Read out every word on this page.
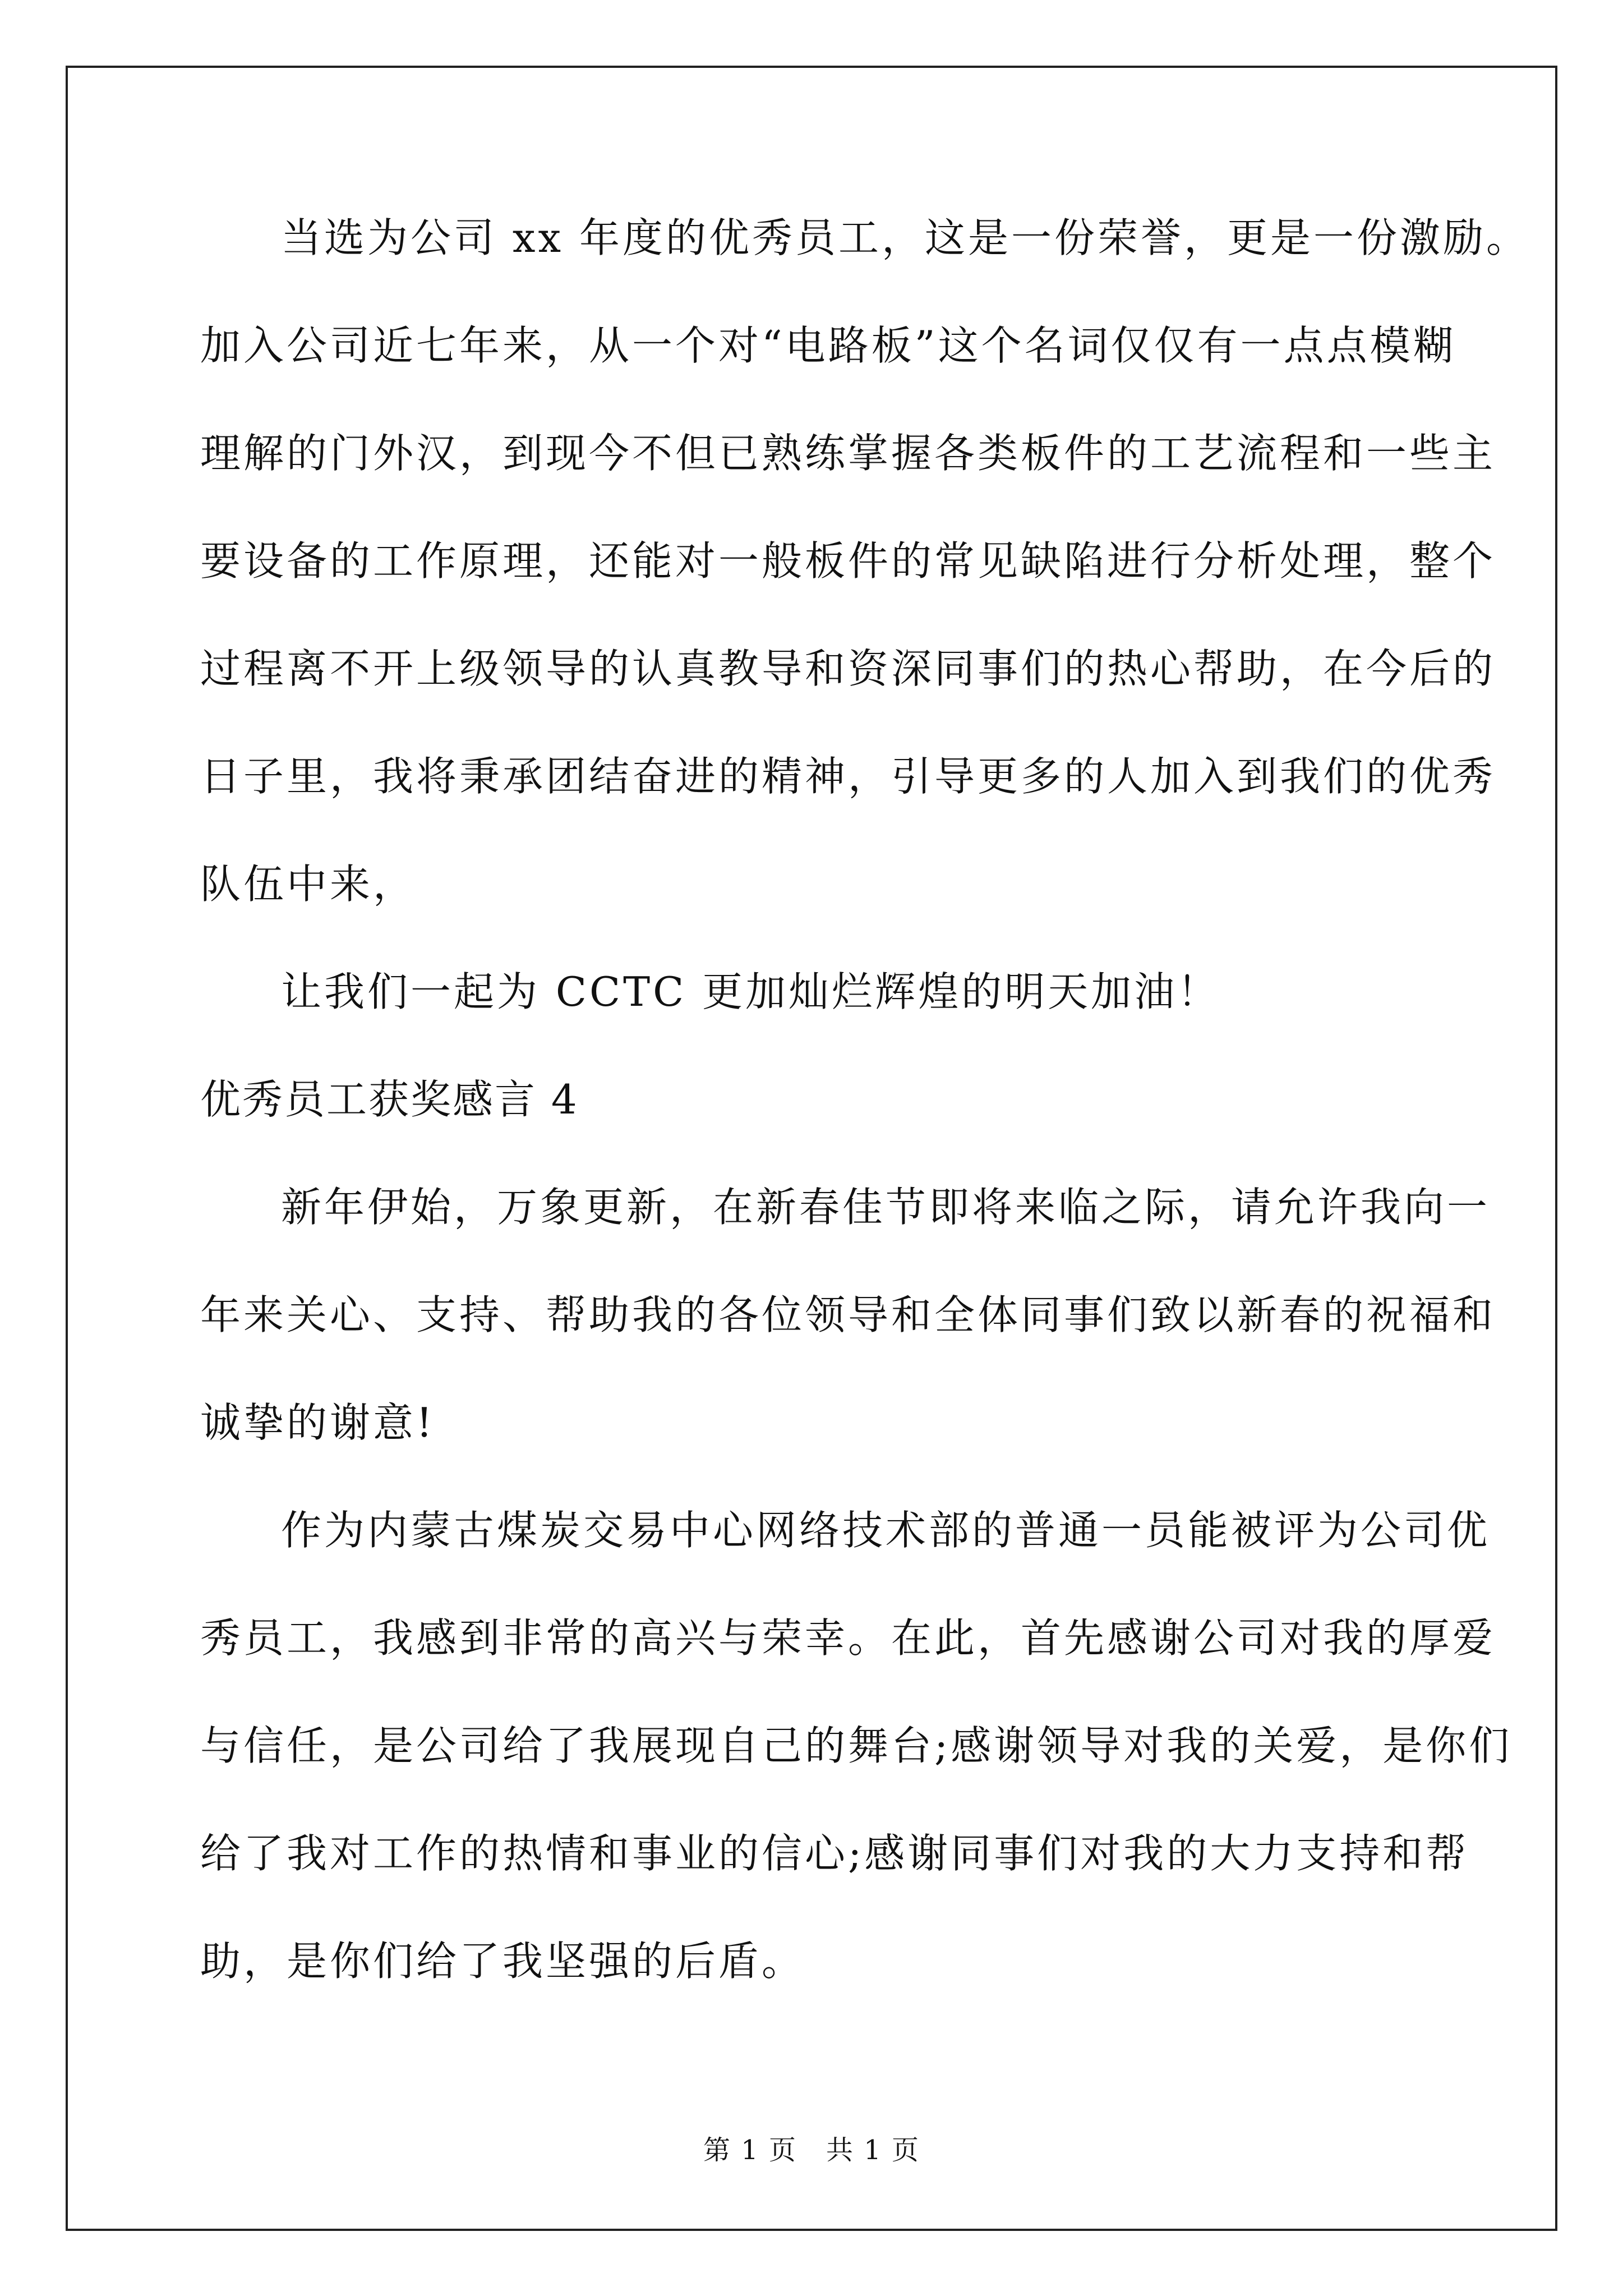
当选为公司 xx 年度的优秀员工，这是一份荣誉，更是一份激励。
加入公司近七年来，从一个对“电路板”这个名词仅仅有一点点模糊
理解的门外汉，到现今不但已熟练掌握各类板件的工艺流程和一些主
要设备的工作原理，还能对一般板件的常见缺陷进行分析处理，整个
过程离不开上级领导的认真教导和资深同事们的热心帮助，在今后的
日子里，我将秉承团结奋进的精神，引导更多的人加入到我们的优秀
队伍中来，
让我们一起为 CCTC 更加灿烂辉煌的明天加油！
优秀员工获奖感言 4
新年伊始，万象更新，在新春佳节即将来临之际，请允许我向一
年来关心、支持、帮助我的各位领导和全体同事们致以新春的祝福和
诚挚的谢意!
作为内蒙古煤炭交易中心网络技术部的普通一员能被评为公司优
秀员工，我感到非常的高兴与荣幸。在此，首先感谢公司对我的厚爱
与信任，是公司给了我展现自己的舞台;感谢领导对我的关爱，是你们
给了我对工作的热情和事业的信心;感谢同事们对我的大力支持和帮
助，是你们给了我坚强的后盾。
第 1 页 共 1 页
